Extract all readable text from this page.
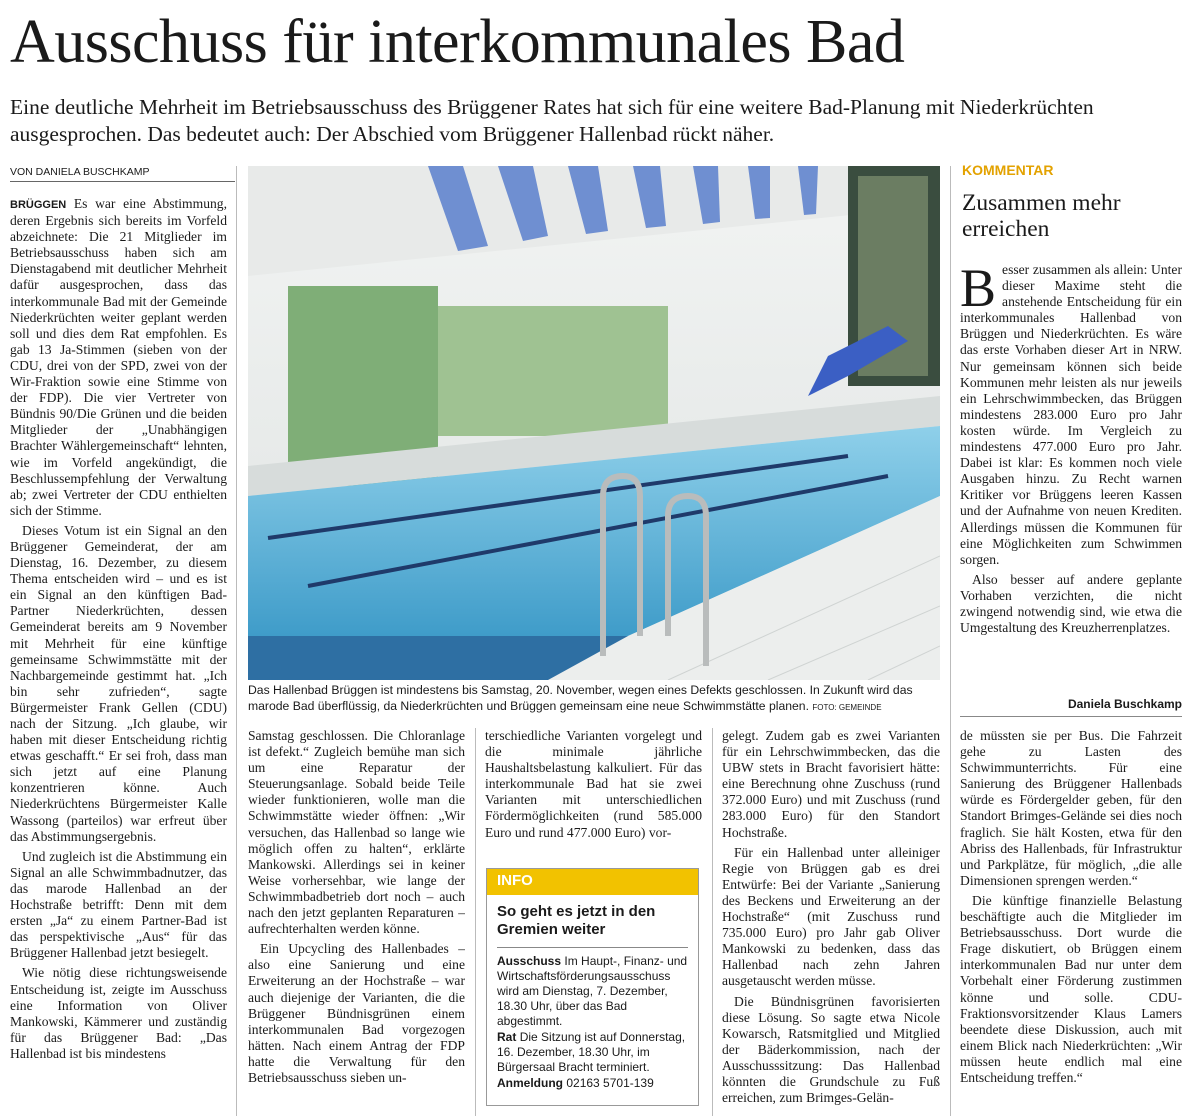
Ausschuss für interkommunales Bad

Eine deutliche Mehrheit im Betriebsausschuss des Brüggener Rates hat sich für eine weitere Bad-Planung mit Niederkrüchten ausgesprochen. Das bedeutet auch: Der Abschied vom Brüggener Hallenbad rückt näher.

VON DANIELA BUSCHKAMP

BRÜGGEN Es war eine Abstimmung, deren Ergebnis sich bereits im Vorfeld abzeichnete: Die 21 Mitglieder im Betriebsausschuss haben sich am Dienstagabend mit deutlicher Mehrheit dafür ausgesprochen, dass das interkommunale Bad mit der Gemeinde Niederkrüchten weiter geplant werden soll und dies dem Rat empfohlen. Es gab 13 Ja-Stimmen (sieben von der CDU, drei von der SPD, zwei von der Wir-Fraktion sowie eine Stimme von der FDP). Die vier Vertreter von Bündnis 90/Die Grünen und die beiden Mitglieder der „Unabhängigen Brachter Wählergemeinschaft“ lehnten, wie im Vorfeld angekündigt, die Beschlussempfehlung der Verwaltung ab; zwei Vertreter der CDU enthielten sich der Stimme.

Dieses Votum ist ein Signal an den Brüggener Gemeinderat, der am Dienstag, 16. Dezember, zu diesem Thema entscheiden wird – und es ist ein Signal an den künftigen Bad-Partner Niederkrüchten, dessen Gemeinderat bereits am 9 November mit Mehrheit für eine künftige gemeinsame Schwimmstätte mit der Nachbargemeinde gestimmt hat. „Ich bin sehr zufrieden“, sagte Bürgermeister Frank Gellen (CDU) nach der Sitzung. „Ich glaube, wir haben mit dieser Entscheidung richtig etwas geschafft.“ Er sei froh, dass man sich jetzt auf eine Planung konzentrieren könne. Auch Niederkrüchtens Bürgermeister Kalle Wassong (parteilos) war erfreut über das Abstimmungsergebnis.

Und zugleich ist die Abstimmung ein Signal an alle Schwimmbadnutzer, das das marode Hallenbad an der Hochstraße betrifft: Denn mit dem ersten „Ja“ zu einem Partner-Bad ist das perspektivische „Aus“ für das Brüggener Hallenbad jetzt besiegelt.

Wie nötig diese richtungsweisende Entscheidung ist, zeigte im Ausschuss eine Information von Oliver Mankowski, Kämmerer und zuständig für das Brüggener Bad: „Das Hallenbad ist bis mindestens

Das Hallenbad Brüggen ist mindestens bis Samstag, 20. November, wegen eines Defekts geschlossen. In Zukunft wird das marode Bad überflüssig, da Niederkrüchten und Brüggen gemeinsam eine neue Schwimmstätte planen. FOTO: GEMEINDE

Samstag geschlossen. Die Chloranlage ist defekt.“ Zugleich bemühe man sich um eine Reparatur der Steuerungsanlage. Sobald beide Teile wieder funktionieren, wolle man die Schwimmstätte wieder öffnen: „Wir versuchen, das Hallenbad so lange wie möglich offen zu halten“, erklärte Mankowski. Allerdings sei in keiner Weise vorhersehbar, wie lange der Schwimmbadbetrieb dort noch – auch nach den jetzt geplanten Reparaturen – aufrechterhalten werden könne.

Ein Upcycling des Hallenbades – also eine Sanierung und eine Erweiterung an der Hochstraße – war auch diejenige der Varianten, die die Brüggener Bündnisgrünen einem interkommunalen Bad vorgezogen hätten. Nach einem Antrag der FDP hatte die Verwaltung für den Betriebsausschuss sieben un-

terschiedliche Varianten vorgelegt und die minimale jährliche Haushaltsbelastung kalkuliert. Für das interkommunale Bad hat sie zwei Varianten mit unterschiedlichen Fördermöglichkeiten (rund 585.000 Euro und rund 477.000 Euro) vor-

INFO
So geht es jetzt in den Gremien weiter

Ausschuss Im Haupt-, Finanz- und Wirtschaftsförderungsausschuss wird am Dienstag, 7. Dezember, 18.30 Uhr, über das Bad abgestimmt.

Rat Die Sitzung ist auf Donnerstag, 16. Dezember, 18.30 Uhr, im Bürgersaal Bracht terminiert.

Anmeldung 02163 5701-139

gelegt. Zudem gab es zwei Varianten für ein Lehrschwimmbecken, das die UBW stets in Bracht favorisiert hätte: eine Berechnung ohne Zuschuss (rund 372.000 Euro) und mit Zuschuss (rund 283.000 Euro) für den Standort Hochstraße.

Für ein Hallenbad unter alleiniger Regie von Brüggen gab es drei Entwürfe: Bei der Variante „Sanierung des Beckens und Erweiterung an der Hochstraße“ (mit Zuschuss rund 735.000 Euro) pro Jahr gab Oliver Mankowski zu bedenken, dass das Hallenbad nach zehn Jahren ausgetauscht werden müsse.

Die Bündnisgrünen favorisierten diese Lösung. So sagte etwa Nicole Kowarsch, Ratsmitglied und Mitglied der Bäderkommission, nach der Ausschusssitzung: Das Hallenbad könnten die Grundschule zu Fuß erreichen, zum Brimges-Gelän-

KOMMENTAR
Zusammen mehr erreichen

Besser zusammen als allein: Unter dieser Maxime steht die anstehende Entscheidung für ein interkommunales Hallenbad von Brüggen und Niederkrüchten. Es wäre das erste Vorhaben dieser Art in NRW. Nur gemeinsam können sich beide Kommunen mehr leisten als nur jeweils ein Lehrschwimmbecken, das Brüggen mindestens 283.000 Euro pro Jahr kosten würde. Im Vergleich zu mindestens 477.000 Euro pro Jahr. Dabei ist klar: Es kommen noch viele Ausgaben hinzu. Zu Recht warnen Kritiker vor Brüggens leeren Kassen und der Aufnahme von neuen Krediten. Allerdings müssen die Kommunen für eine Möglichkeiten zum Schwimmen sorgen.

Also besser auf andere geplante Vorhaben verzichten, die nicht zwingend notwendig sind, wie etwa die Umgestaltung des Kreuzherrenplatzes.

Daniela Buschkamp

de müssten sie per Bus. Die Fahrzeit gehe zu Lasten des Schwimmunterrichts. Für eine Sanierung des Brüggener Hallenbads würde es Fördergelder geben, für den Standort Brimges-Gelände sei dies noch fraglich. Sie hält Kosten, etwa für den Abriss des Hallenbads, für Infrastruktur und Parkplätze, für möglich, „die alle Dimensionen sprengen werden.“

Die künftige finanzielle Belastung beschäftigte auch die Mitglieder im Betriebsausschuss. Dort wurde die Frage diskutiert, ob Brüggen einem interkommunalen Bad nur unter dem Vorbehalt einer Förderung zustimmen könne und solle. CDU-Fraktionsvorsitzender Klaus Lamers beendete diese Diskussion, auch mit einem Blick nach Niederkrüchten: „Wir müssen heute endlich mal eine Entscheidung treffen.“
